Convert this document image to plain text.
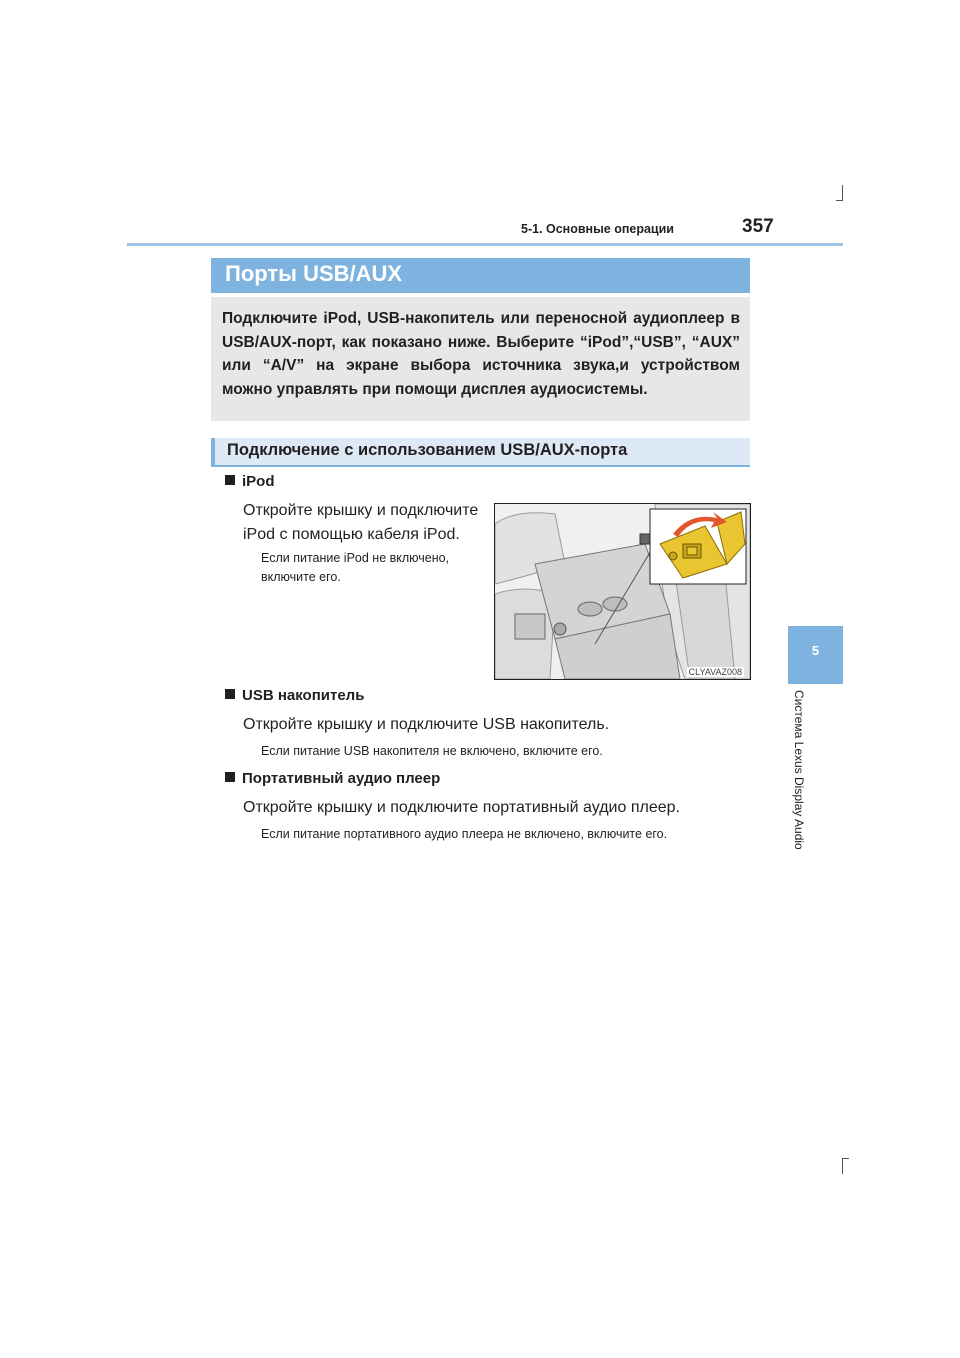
5-1. Основные операции	357
5
Система Lexus Display Audio
Порты USB/AUX
Подключите iPod, USB-накопитель или переносной аудиоплеер в USB/AUX-порт, как показано ниже. Выберите “iPod”,“USB”, “AUX” или “A/V” на экране выбора источника звука,и устройством можно управлять при помощи дисплея аудиосистемы.
Подключение с использованием USB/AUX-порта
iPod
Откройте крышку и подключите
iPod с помощью кабеля iPod.
Если питание iPod не включено,
включите его.
CLYAVAZ008
USB накопитель
Откройте крышку и подключите USB накопитель.
Если питание USB накопителя не включено, включите его.
Портативный аудио плеер
Откройте крышку и подключите портативный аудио плеер.
Если питание портативного аудио плеера не включено, включите его.
